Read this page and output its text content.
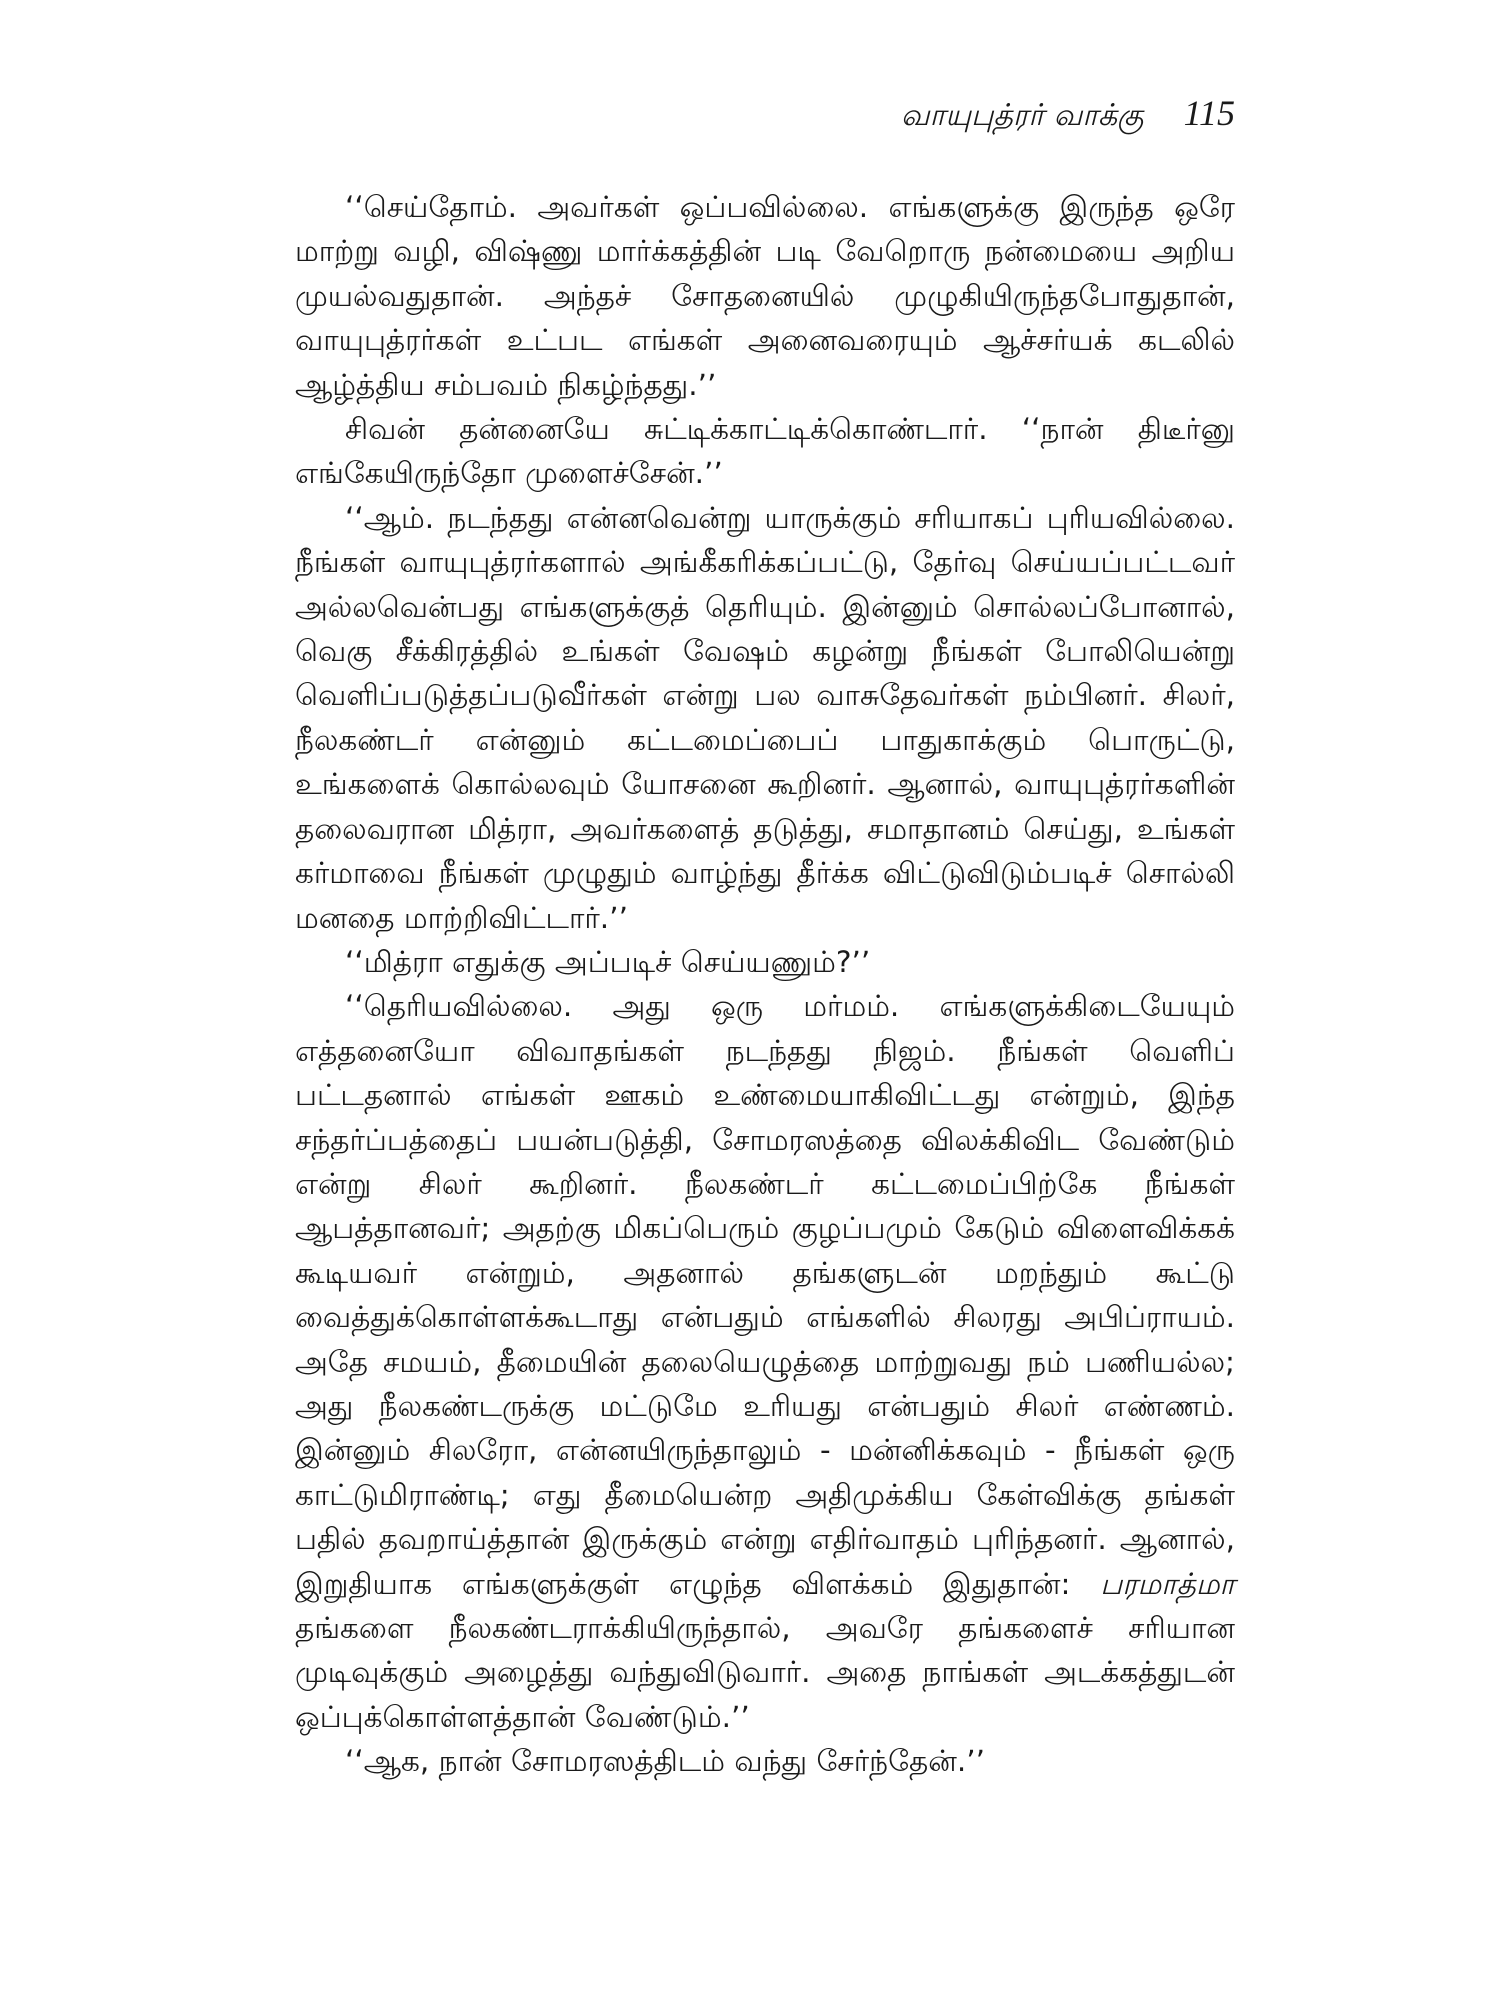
வாயுபுத்ரர் வாக்கு 115

‘‘செய்தோம். அவர்கள் ஒப்பவில்லை. எங்களுக்கு இருந்த ஒரே மாற்று வழி, விஷ்ணு மார்க்கத்தின் படி வேறொரு நன்மையை அறிய முயல்வதுதான். அந்தச் சோதனையில் முழுகியிருந்தபோதுதான், வாயுபுத்ரர்கள் உட்பட எங்கள் அனைவரையும் ஆச்சர்யக் கடலில் ஆழ்த்திய சம்பவம் நிகழ்ந்தது.’’

சிவன் தன்னையே சுட்டிக்காட்டிக்கொண்டார். ‘‘நான் திடீர்னு எங்கேயிருந்தோ முளைச்சேன்.’’

‘‘ஆம். நடந்தது என்னவென்று யாருக்கும் சரியாகப் புரியவில்லை. நீங்கள் வாயுபுத்ரர்களால் அங்கீகரிக்கப்பட்டு, தேர்வு செய்யப்பட்டவர் அல்லவென்பது எங்களுக்குத் தெரியும். இன்னும் சொல்லப்போனால், வெகு சீக்கிரத்தில் உங்கள் வேஷம் கழன்று நீங்கள் போலியென்று வெளிப்படுத்தப்படுவீர்கள் என்று பல வாசுதேவர்கள் நம்பினர். சிலர், நீலகண்டர் என்னும் கட்டமைப்பைப் பாதுகாக்கும் பொருட்டு, உங்களைக் கொல்லவும் யோசனை கூறினர். ஆனால், வாயுபுத்ரர்களின் தலைவரான மித்ரா, அவர்களைத் தடுத்து, சமாதானம் செய்து, உங்கள் கர்மாவை நீங்கள் முழுதும் வாழ்ந்து தீர்க்க விட்டுவிடும்படிச் சொல்லி மனதை மாற்றிவிட்டார்.’’

‘‘மித்ரா எதுக்கு அப்படிச் செய்யணும்?’’

‘‘தெரியவில்லை. அது ஒரு மர்மம். எங்களுக்கிடையேயும் எத்தனையோ விவாதங்கள் நடந்தது நிஜம். நீங்கள் வெளிப் பட்டதனால் எங்கள் ஊகம் உண்மையாகிவிட்டது என்றும், இந்த சந்தர்ப்பத்தைப் பயன்படுத்தி, சோமரஸத்தை விலக்கிவிட வேண்டும் என்று சிலர் கூறினர். நீலகண்டர் கட்டமைப்பிற்கே நீங்கள் ஆபத்தானவர்; அதற்கு மிகப்பெரும் குழப்பமும் கேடும் விளைவிக்கக் கூடியவர் என்றும், அதனால் தங்களுடன் மறந்தும் கூட்டு வைத்துக்கொள்ளக்கூடாது என்பதும் எங்களில் சிலரது அபிப்ராயம். அதே சமயம், தீமையின் தலையெழுத்தை மாற்றுவது நம் பணியல்ல; அது நீலகண்டருக்கு மட்டுமே உரியது என்பதும் சிலர் எண்ணம். இன்னும் சிலரோ, என்னயிருந்தாலும் - மன்னிக்கவும் - நீங்கள் ஒரு காட்டுமிராண்டி; எது தீமையென்ற அதிமுக்கிய கேள்விக்கு தங்கள் பதில் தவறாய்த்தான் இருக்கும் என்று எதிர்வாதம் புரிந்தனர். ஆனால், இறுதியாக எங்களுக்குள் எழுந்த விளக்கம் இதுதான்: பரமாத்மா தங்களை நீலகண்டராக்கியிருந்தால், அவரே தங்களைச் சரியான முடிவுக்கும் அழைத்து வந்துவிடுவார். அதை நாங்கள் அடக்கத்துடன் ஒப்புக்கொள்ளத்தான் வேண்டும்.’’

‘‘ஆக, நான் சோமரஸத்திடம் வந்து சேர்ந்தேன்.’’
